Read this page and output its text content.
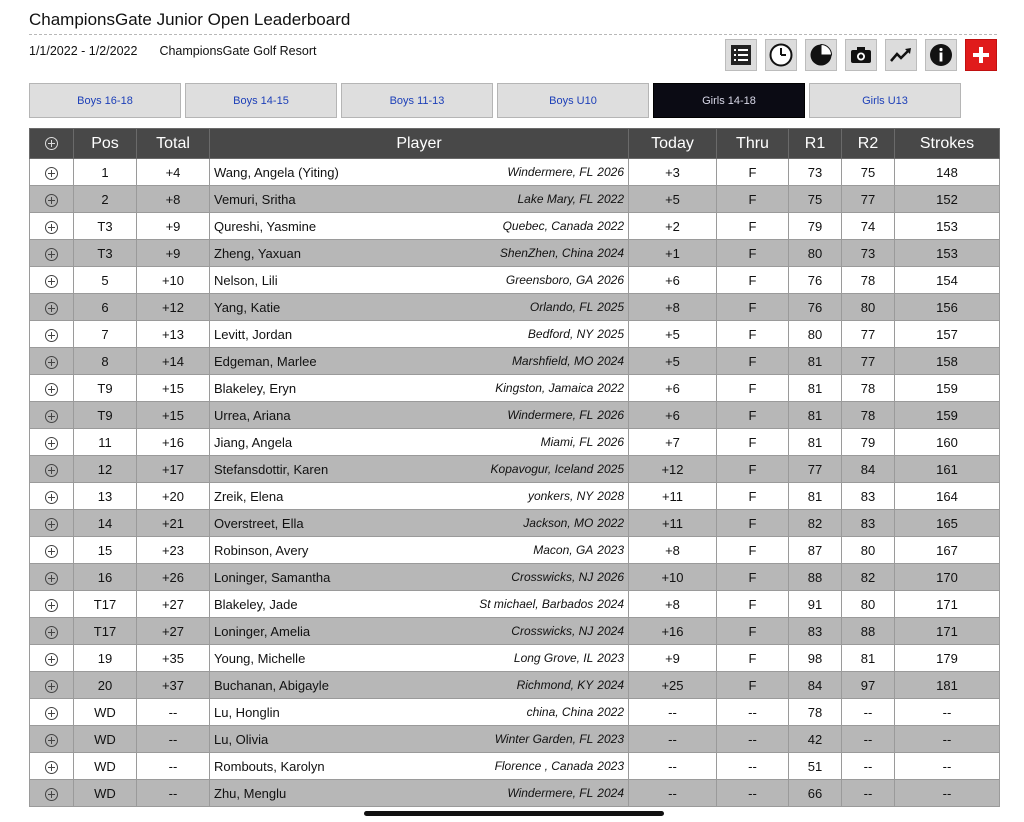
ChampionsGate Junior Open Leaderboard
1/1/2022 - 1/2/2022 ChampionsGate Golf Resort
Boys 16-18	Boys 14-15	Boys 11-13	Boys U10	Girls 14-18	Girls U13
	Pos	Total	Player	Today	Thru	R1	R2	Strokes
	1	+4	Wang, Angela (Yiting) Windermere, FL 2026	+3	F	73	75	148
	2	+8	Vemuri, Sritha Lake Mary, FL 2022	+5	F	75	77	152
	T3	+9	Qureshi, Yasmine Quebec, Canada 2022	+2	F	79	74	153
	T3	+9	Zheng, Yaxuan ShenZhen, China 2024	+1	F	80	73	153
	5	+10	Nelson, Lili Greensboro, GA 2026	+6	F	76	78	154
	6	+12	Yang, Katie Orlando, FL 2025	+8	F	76	80	156
	7	+13	Levitt, Jordan Bedford, NY 2025	+5	F	80	77	157
	8	+14	Edgeman, Marlee Marshfield, MO 2024	+5	F	81	77	158
	T9	+15	Blakeley, Eryn Kingston, Jamaica 2022	+6	F	81	78	159
	T9	+15	Urrea, Ariana Windermere, FL 2026	+6	F	81	78	159
	11	+16	Jiang, Angela Miami, FL 2026	+7	F	81	79	160
	12	+17	Stefansdottir, Karen Kopavogur, Iceland 2025	+12	F	77	84	161
	13	+20	Zreik, Elena yonkers, NY 2028	+11	F	81	83	164
	14	+21	Overstreet, Ella Jackson, MO 2022	+11	F	82	83	165
	15	+23	Robinson, Avery Macon, GA 2023	+8	F	87	80	167
	16	+26	Loninger, Samantha Crosswicks, NJ 2026	+10	F	88	82	170
	T17	+27	Blakeley, Jade St michael, Barbados 2024	+8	F	91	80	171
	T17	+27	Loninger, Amelia Crosswicks, NJ 2024	+16	F	83	88	171
	19	+35	Young, Michelle Long Grove, IL 2023	+9	F	98	81	179
	20	+37	Buchanan, Abigayle Richmond, KY 2024	+25	F	84	97	181
	WD	--	Lu, Honglin china, China 2022	--	--	78	--	--
	WD	--	Lu, Olivia Winter Garden, FL 2023	--	--	42	--	--
	WD	--	Rombouts, Karolyn Florence , Canada 2023	--	--	51	--	--
	WD	--	Zhu, Menglu Windermere, FL 2024	--	--	66	--	--
